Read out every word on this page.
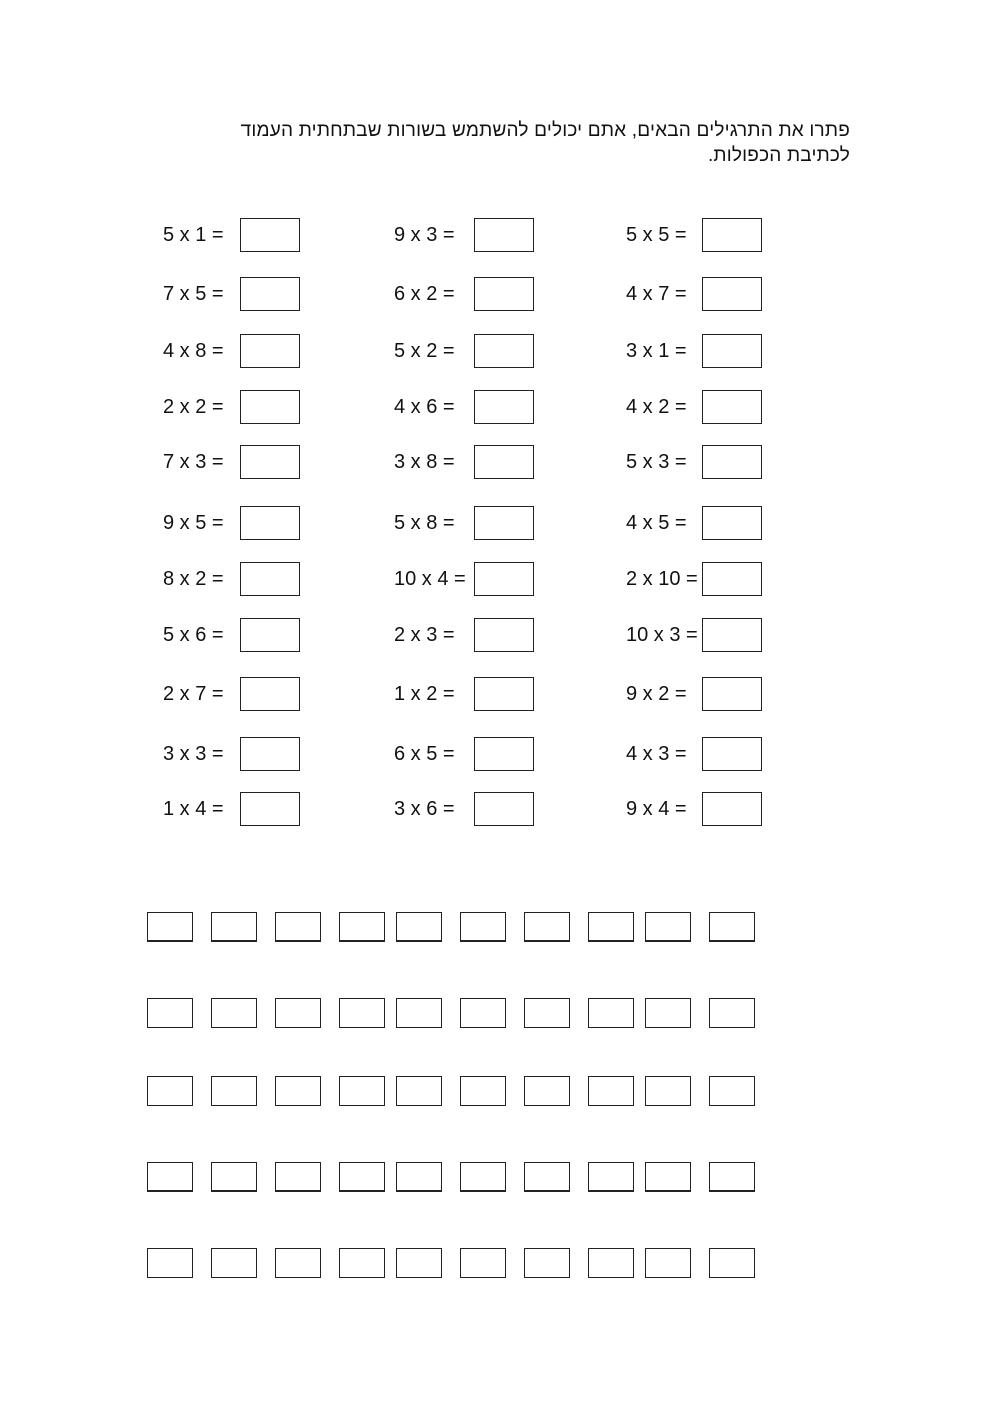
פתרו את התרגילים הבאים, אתם יכולים להשתמש בשורות שבתחתית העמוד
לכתיבת הכפולות.
5 x 1 =	9 x 3 =	5 x 5 =
7 x 5 =	6 x 2 =	4 x 7 =
4 x 8 =	5 x 2 =	3 x 1 =
2 x 2 =	4 x 6 =	4 x 2 =
7 x 3 =	3 x 8 =	5 x 3 =
9 x 5 =	5 x 8 =	4 x 5 =
8 x 2 =	10 x 4 =	2 x 10 =
5 x 6 =	2 x 3 =	10 x 3 =
2 x 7 =	1 x 2 =	9 x 2 =
3 x 3 =	6 x 5 =	4 x 3 =
1 x 4 =	3 x 6 =	9 x 4 =
